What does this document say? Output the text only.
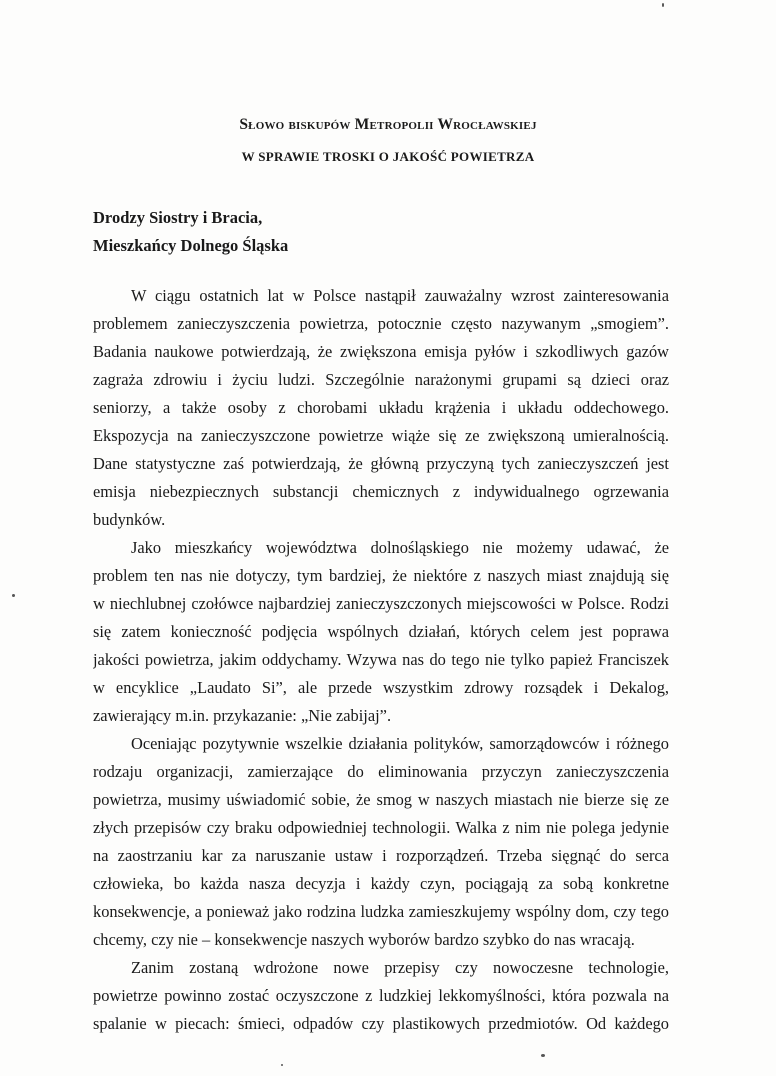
Słowo biskupów Metropolii Wrocławskiej
W SPRAWIE TROSKI O JAKOŚĆ POWIETRZA
Drodzy Siostry i Bracia,
Mieszkańcy Dolnego Śląska
W ciągu ostatnich lat w Polsce nastąpił zauważalny wzrost zainteresowania
problemem zanieczyszczenia powietrza, potocznie często nazywanym „smogiem”.
Badania naukowe potwierdzają, że zwiększona emisja pyłów i szkodliwych gazów
zagraża zdrowiu i życiu ludzi. Szczególnie narażonymi grupami są dzieci oraz
seniorzy, a także osoby z chorobami układu krążenia i układu oddechowego.
Ekspozycja na zanieczyszczone powietrze wiąże się ze zwiększoną umieralnością.
Dane statystyczne zaś potwierdzają, że główną przyczyną tych zanieczyszczeń jest
emisja niebezpiecznych substancji chemicznych z indywidualnego ogrzewania
budynków.
Jako mieszkańcy województwa dolnośląskiego nie możemy udawać, że
problem ten nas nie dotyczy, tym bardziej, że niektóre z naszych miast znajdują się
w niechlubnej czołówce najbardziej zanieczyszczonych miejscowości w Polsce. Rodzi
się zatem konieczność podjęcia wspólnych działań, których celem jest poprawa
jakości powietrza, jakim oddychamy. Wzywa nas do tego nie tylko papież Franciszek
w encyklice „Laudato Si”, ale przede wszystkim zdrowy rozsądek i Dekalog,
zawierający m.in. przykazanie: „Nie zabijaj”.
Oceniając pozytywnie wszelkie działania polityków, samorządowców i różnego
rodzaju organizacji, zamierzające do eliminowania przyczyn zanieczyszczenia
powietrza, musimy uświadomić sobie, że smog w naszych miastach nie bierze się ze
złych przepisów czy braku odpowiedniej technologii. Walka z nim nie polega jedynie
na zaostrzaniu kar za naruszanie ustaw i rozporządzeń. Trzeba sięgnąć do serca
człowieka, bo każda nasza decyzja i każdy czyn, pociągają za sobą konkretne
konsekwencje, a ponieważ jako rodzina ludzka zamieszkujemy wspólny dom, czy tego
chcemy, czy nie – konsekwencje naszych wyborów bardzo szybko do nas wracają.
Zanim zostaną wdrożone nowe przepisy czy nowoczesne technologie,
powietrze powinno zostać oczyszczone z ludzkiej lekkomyślności, która pozwala na
spalanie w piecach: śmieci, odpadów czy plastikowych przedmiotów. Od każdego
